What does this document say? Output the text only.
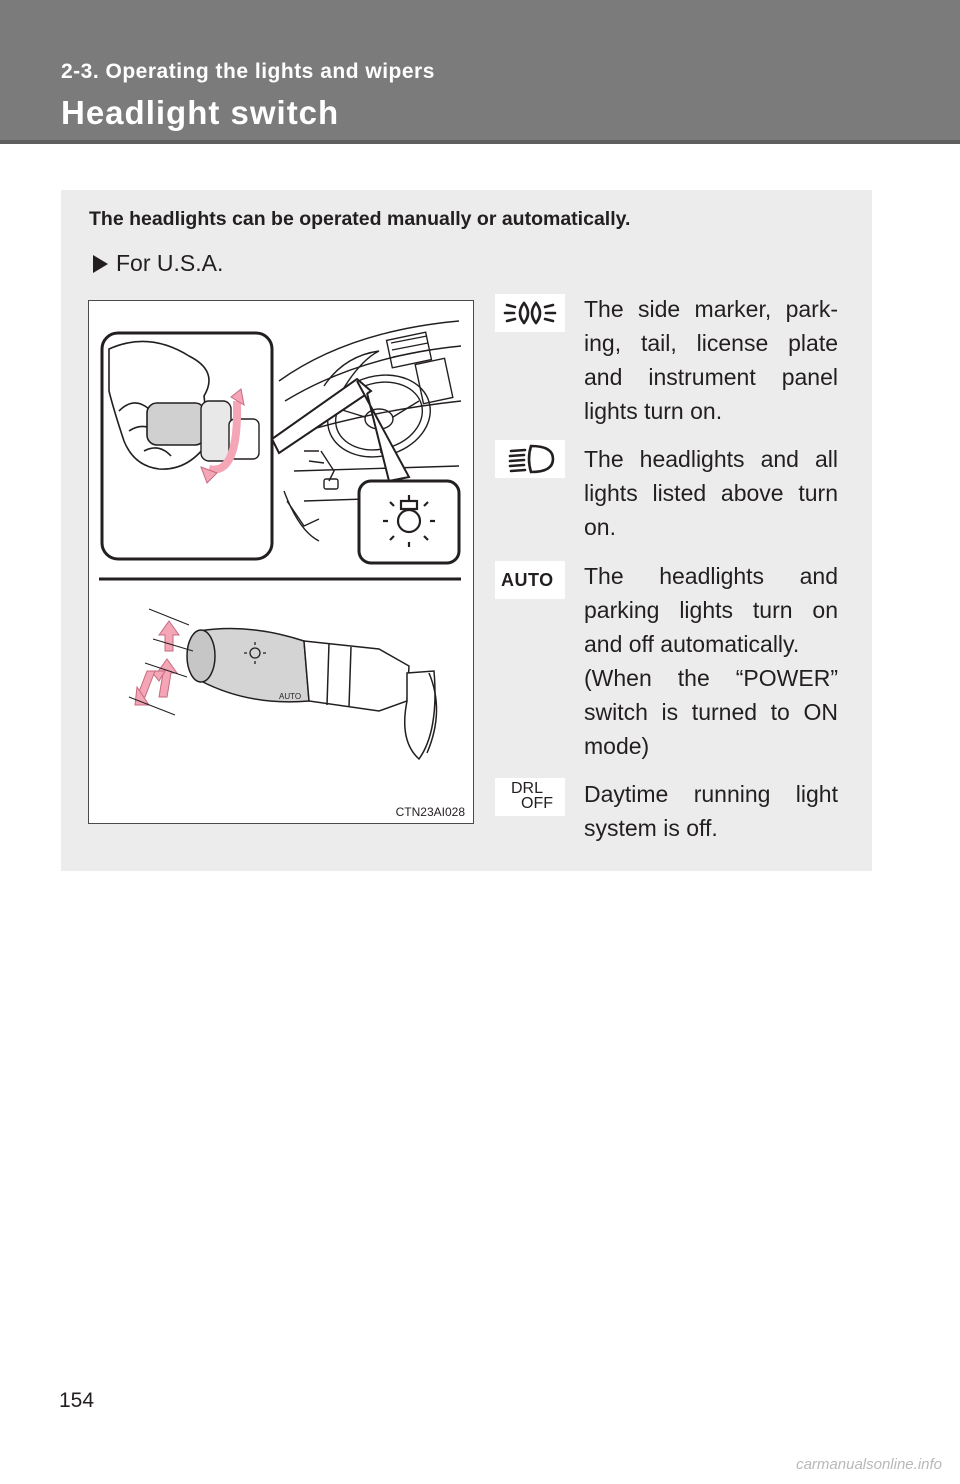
2-3. Operating the lights and wipers
Headlight switch
The headlights can be operated manually or automatically.
For U.S.A.
AUTO
CTN23AI028
The side marker, park-ing, tail, license plate and instrument panel lights turn on.
The headlights and all lights listed above turn on.
AUTO The headlights and parking lights turn on and off automatically.
(When the “POWER” switch is turned to ON mode)
DRL
OFF Daytime running light system is off.
154
carmanualsonline.info
